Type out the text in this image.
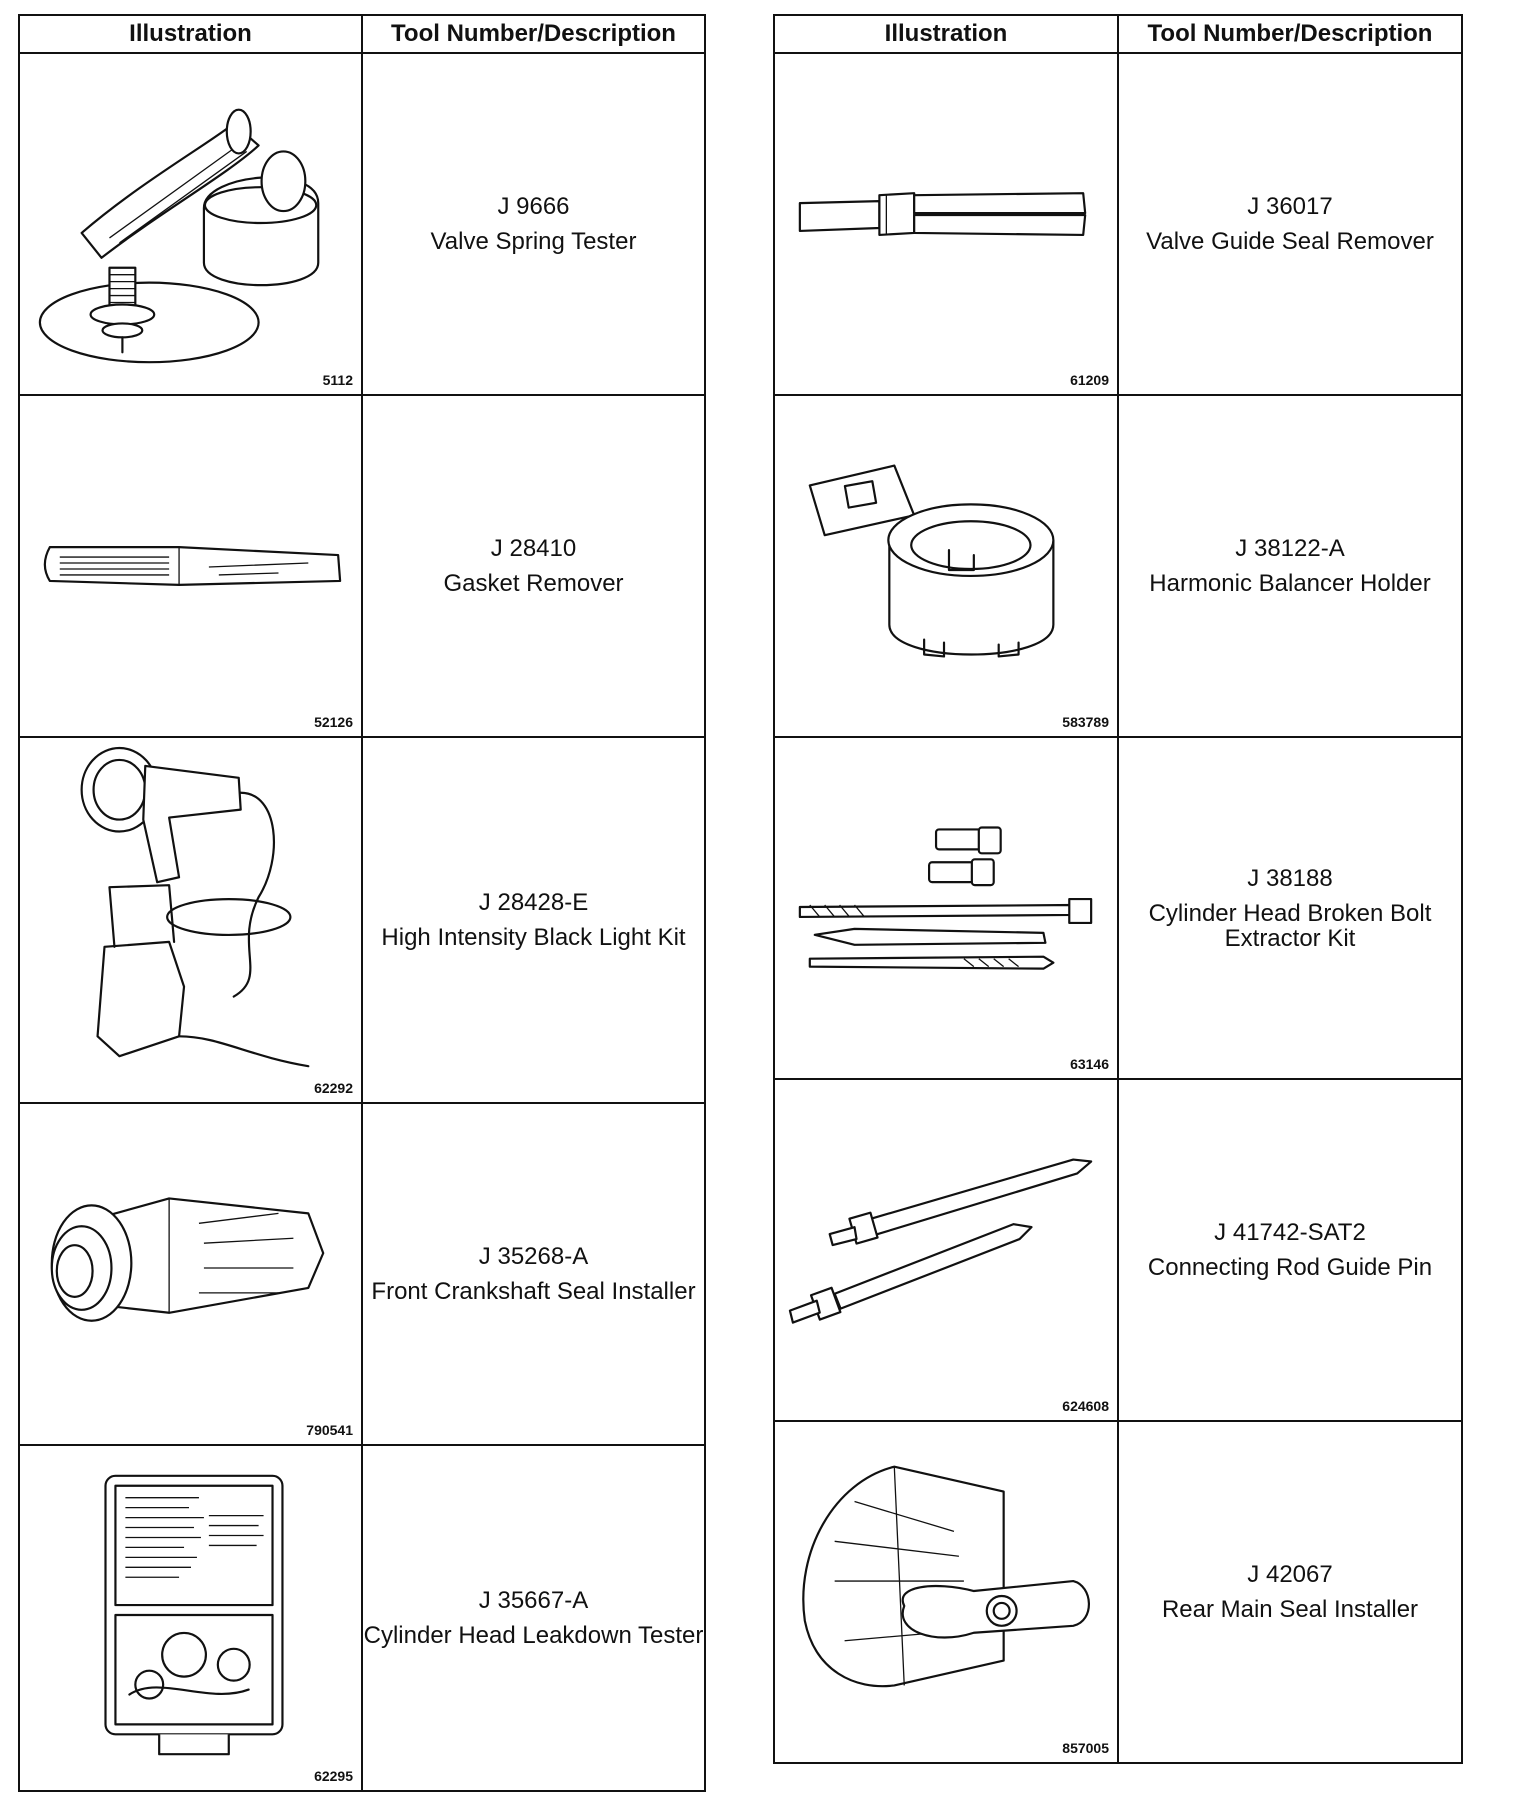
Illustration	Tool Number/Description

5112	J 9666
Valve Spring Tester

52126	J 28410
Gasket Remover

62292	J 28428-E
High Intensity Black Light Kit

790541	J 35268-A
Front Crankshaft Seal Installer

62295	J 35667-A
Cylinder Head Leakdown Tester
Illustration	Tool Number/Description

61209	J 36017
Valve Guide Seal Remover

583789	J 38122-A
Harmonic Balancer Holder

63146	J 38188
Cylinder Head Broken Bolt Extractor Kit

624608	J 41742-SAT2
Connecting Rod Guide Pin

857005	J 42067
Rear Main Seal Installer
